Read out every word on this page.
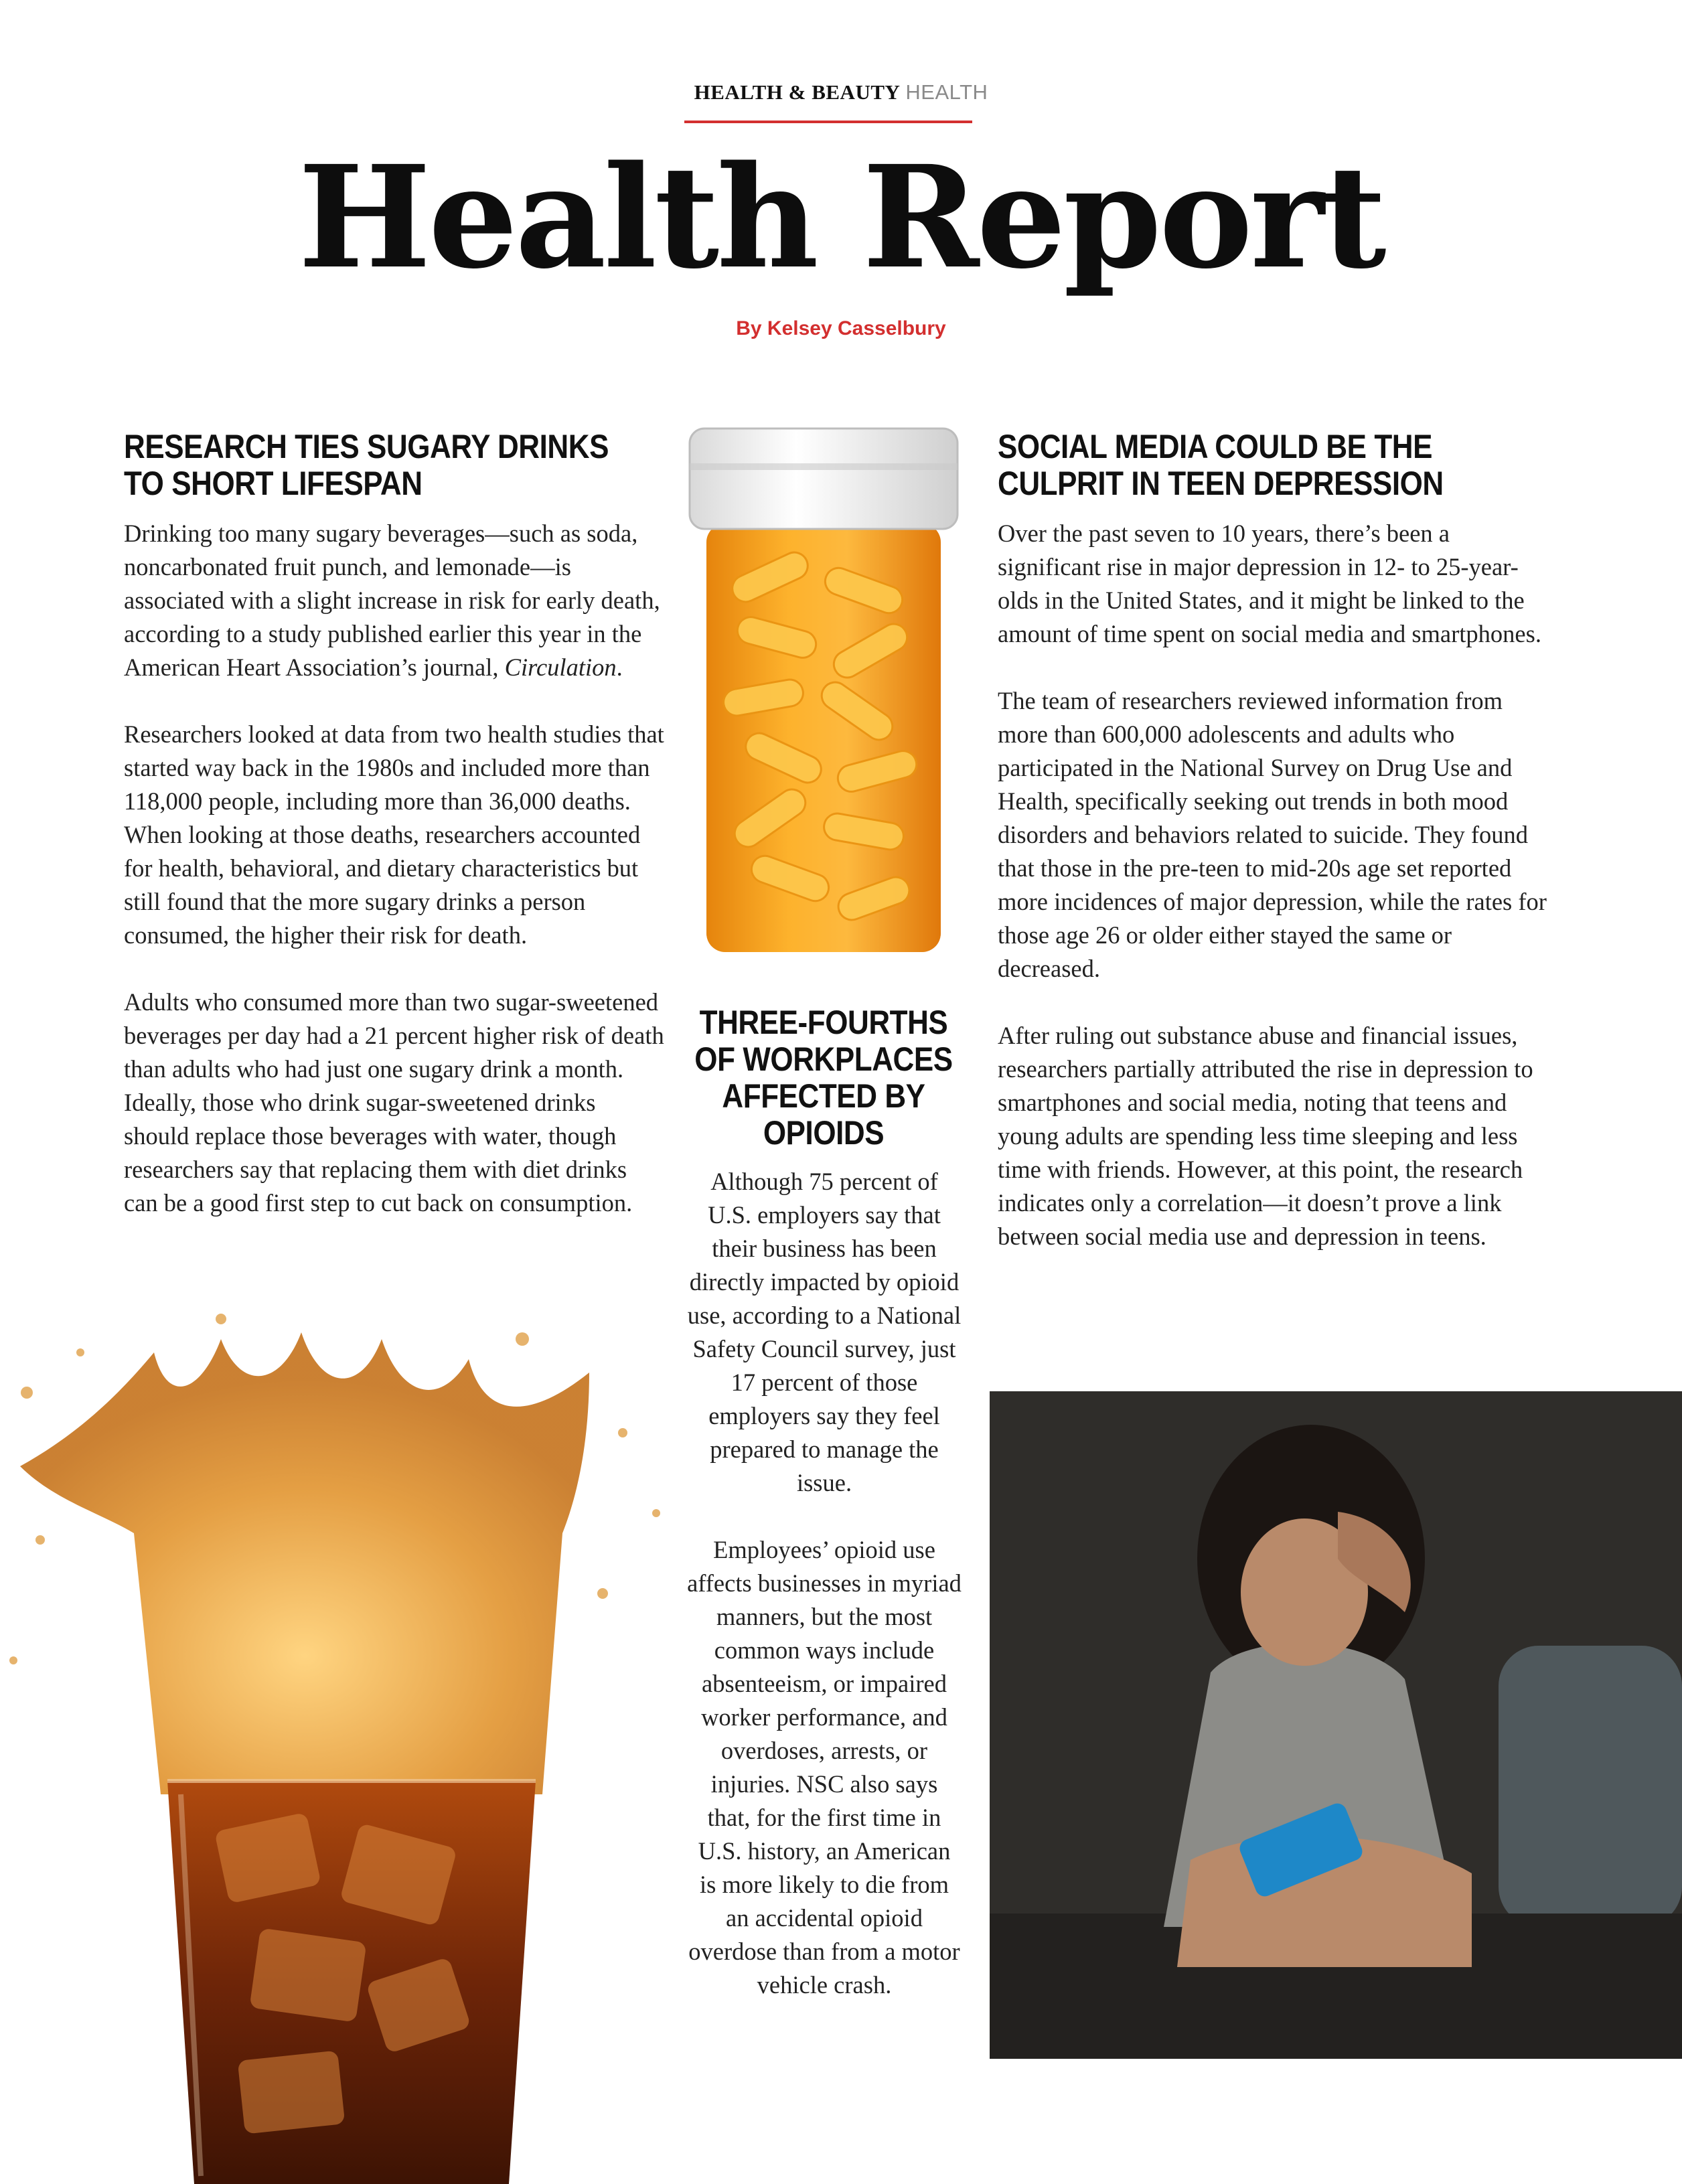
HEALTH & BEAUTY HEALTH
Health Report
By Kelsey Casselbury
RESEARCH TIES SUGARY DRINKS TO SHORT LIFESPAN

Drinking too many sugary beverages—such as soda, noncarbonated fruit punch, and lemonade—is associated with a slight increase in risk for early death, according to a study published earlier this year in the American Heart Association’s journal, Circulation.

Researchers looked at data from two health studies that started way back in the 1980s and included more than 118,000 people, including more than 36,000 deaths. When looking at those deaths, researchers accounted for health, behavioral, and dietary characteristics but still found that the more sugary drinks a person consumed, the higher their risk for death.

Adults who consumed more than two sugar-sweetened beverages per day had a 21 percent higher risk of death than adults who had just one sugary drink a month. Ideally, those who drink sugar-sweetened drinks should replace those beverages with water, though researchers say that replacing them with diet drinks can be a good first step to cut back on consumption.

THREE-FOURTHS OF WORKPLACES AFFECTED BY OPIOIDS

Although 75 percent of U.S. employers say that their business has been directly impacted by opioid use, according to a National Safety Council survey, just 17 percent of those employers say they feel prepared to manage the issue.

Employees’ opioid use affects businesses in myriad manners, but the most common ways include absenteeism, or impaired worker performance, and overdoses, arrests, or injuries. NSC also says that, for the first time in U.S. history, an American is more likely to die from an accidental opioid overdose than from a motor vehicle crash.

SOCIAL MEDIA COULD BE THE CULPRIT IN TEEN DEPRESSION

Over the past seven to 10 years, there’s been a significant rise in major depression in 12- to 25-year-olds in the United States, and it might be linked to the amount of time spent on social media and smartphones.

The team of researchers reviewed information from more than 600,000 adolescents and adults who participated in the National Survey on Drug Use and Health, specifically seeking out trends in both mood disorders and behaviors related to suicide. They found that those in the pre-teen to mid-20s age set reported more incidences of major depression, while the rates for those age 26 or older either stayed the same or decreased.

After ruling out substance abuse and financial issues, researchers partially attributed the rise in depression to smartphones and social media, noting that teens and young adults are spending less time sleeping and less time with friends. However, at this point, the research indicates only a correlation—it doesn’t prove a link between social media use and depression in teens.
